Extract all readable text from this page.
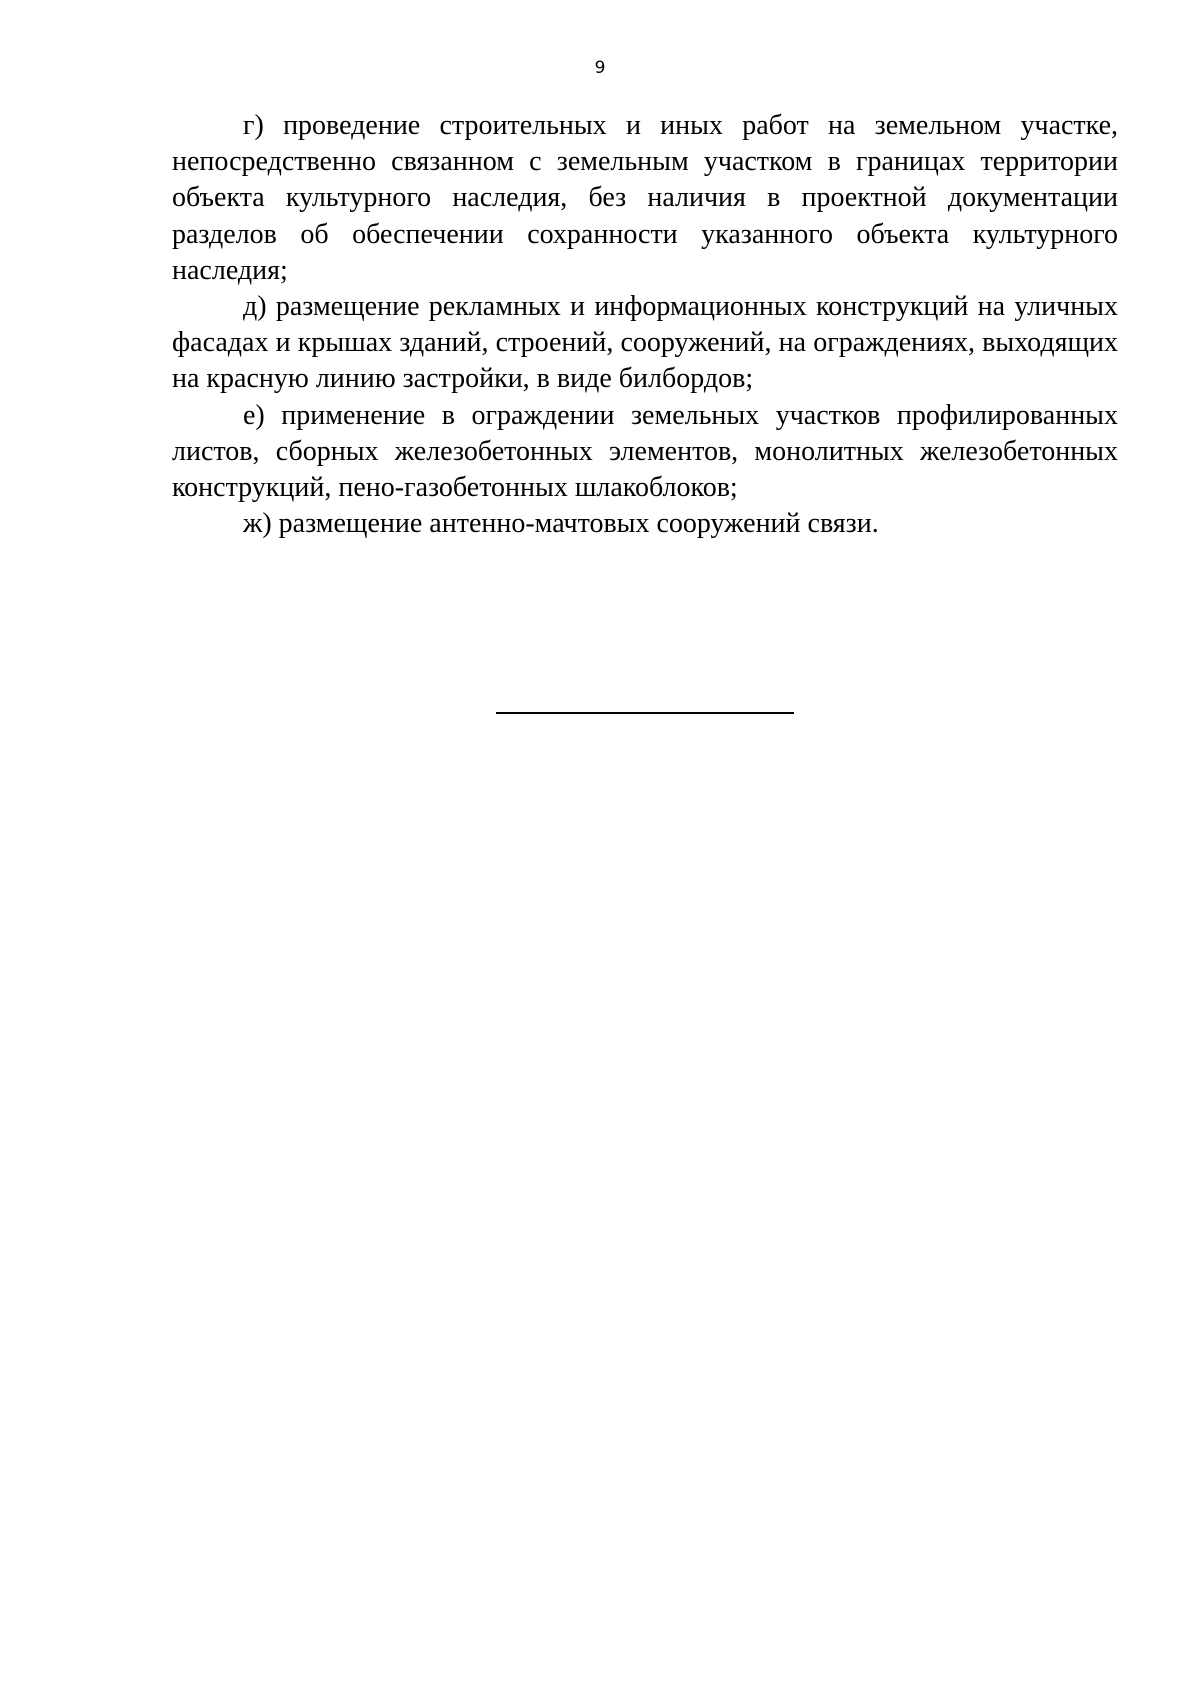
9

г) проведение строительных и иных работ на земельном участке, непосредственно связанном с земельным участком в границах территории объекта культурного наследия, без наличия в проектной документации разделов об обеспечении сохранности указанного объекта культурного наследия;

д) размещение рекламных и информационных конструкций на уличных фасадах и крышах зданий, строений, сооружений, на ограждениях, выходящих на красную линию застройки, в виде билбордов;

е) применение в ограждении земельных участков профилированных листов, сборных железобетонных элементов, монолитных железобетонных конструкций, пено-газобетонных шлакоблоков;

ж) размещение антенно-мачтовых сооружений связи.
